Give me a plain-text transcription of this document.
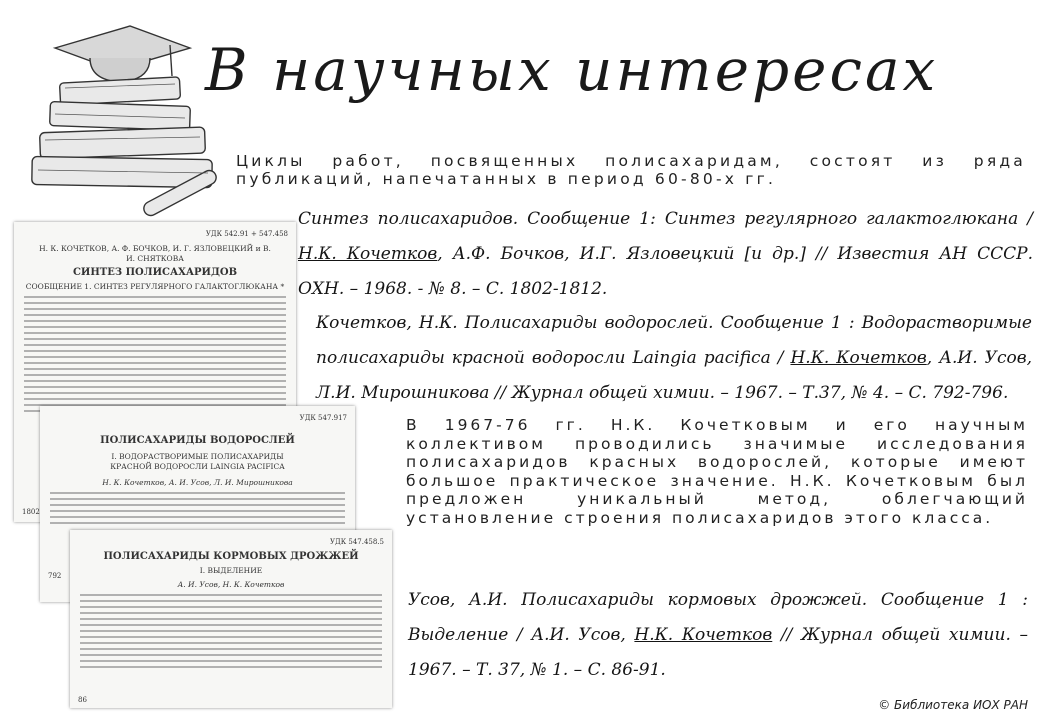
В научных интересах
Циклы работ, посвященных полисахаридам, состоят из ряда публикаций, напечатанных в период 60-80-х гг.
Синтез полисахаридов. Сообщение 1: Синтез регулярного галактоглюкана / Н.К. Кочетков, А.Ф. Бочков, И.Г. Язловецкий [и др.] // Известия АН СССР. ОХН. – 1968. - № 8. – С. 1802-1812.
Кочетков, Н.К. Полисахариды водорослей. Сообщение 1 : Водорастворимые полисахариды красной водоросли Laingia pacifica / Н.К. Кочетков, А.И. Усов, Л.И. Мирошникова // Журнал общей химии. – 1967. – Т.37, № 4. – С. 792-796.
В 1967-76 гг. Н.К. Кочетковым и его научным коллективом проводились значимые исследования полисахаридов красных водорослей, которые имеют большое практическое значение. Н.К. Кочетковым был предложен уникальный метод, облегчающий установление строения полисахаридов этого класса.
Усов, А.И. Полисахариды кормовых дрожжей. Сообщение 1 : Выделение / А.И. Усов, Н.К. Кочетков // Журнал общей химии. – 1967. – Т. 37, № 1. – С. 86-91.
УДК 542.91 + 547.458
Н. К. КОЧЕТКОВ, А. Ф. БОЧКОВ, И. Г. ЯЗЛОВЕЦКИЙ и В. И. СНЯТКОВА
СИНТЕЗ ПОЛИСАХАРИДОВ
СООБЩЕНИЕ 1. СИНТЕЗ РЕГУЛЯРНОГО ГАЛАКТОГЛЮКАНА *
1802
УДК 547.917
ПОЛИСАХАРИДЫ ВОДОРОСЛЕЙ
I. ВОДОРАСТВОРИМЫЕ ПОЛИСАХАРИДЫ КРАСНОЙ ВОДОРОСЛИ LAINGIA PACIFICA
Н. К. Кочетков, А. И. Усов, Л. И. Мирошникова
792
УДК 547.458.5
ПОЛИСАХАРИДЫ КОРМОВЫХ ДРОЖЖЕЙ
I. ВЫДЕЛЕНИЕ
А. И. Усов, Н. К. Кочетков
86	© Библиотека ИОХ РАН
